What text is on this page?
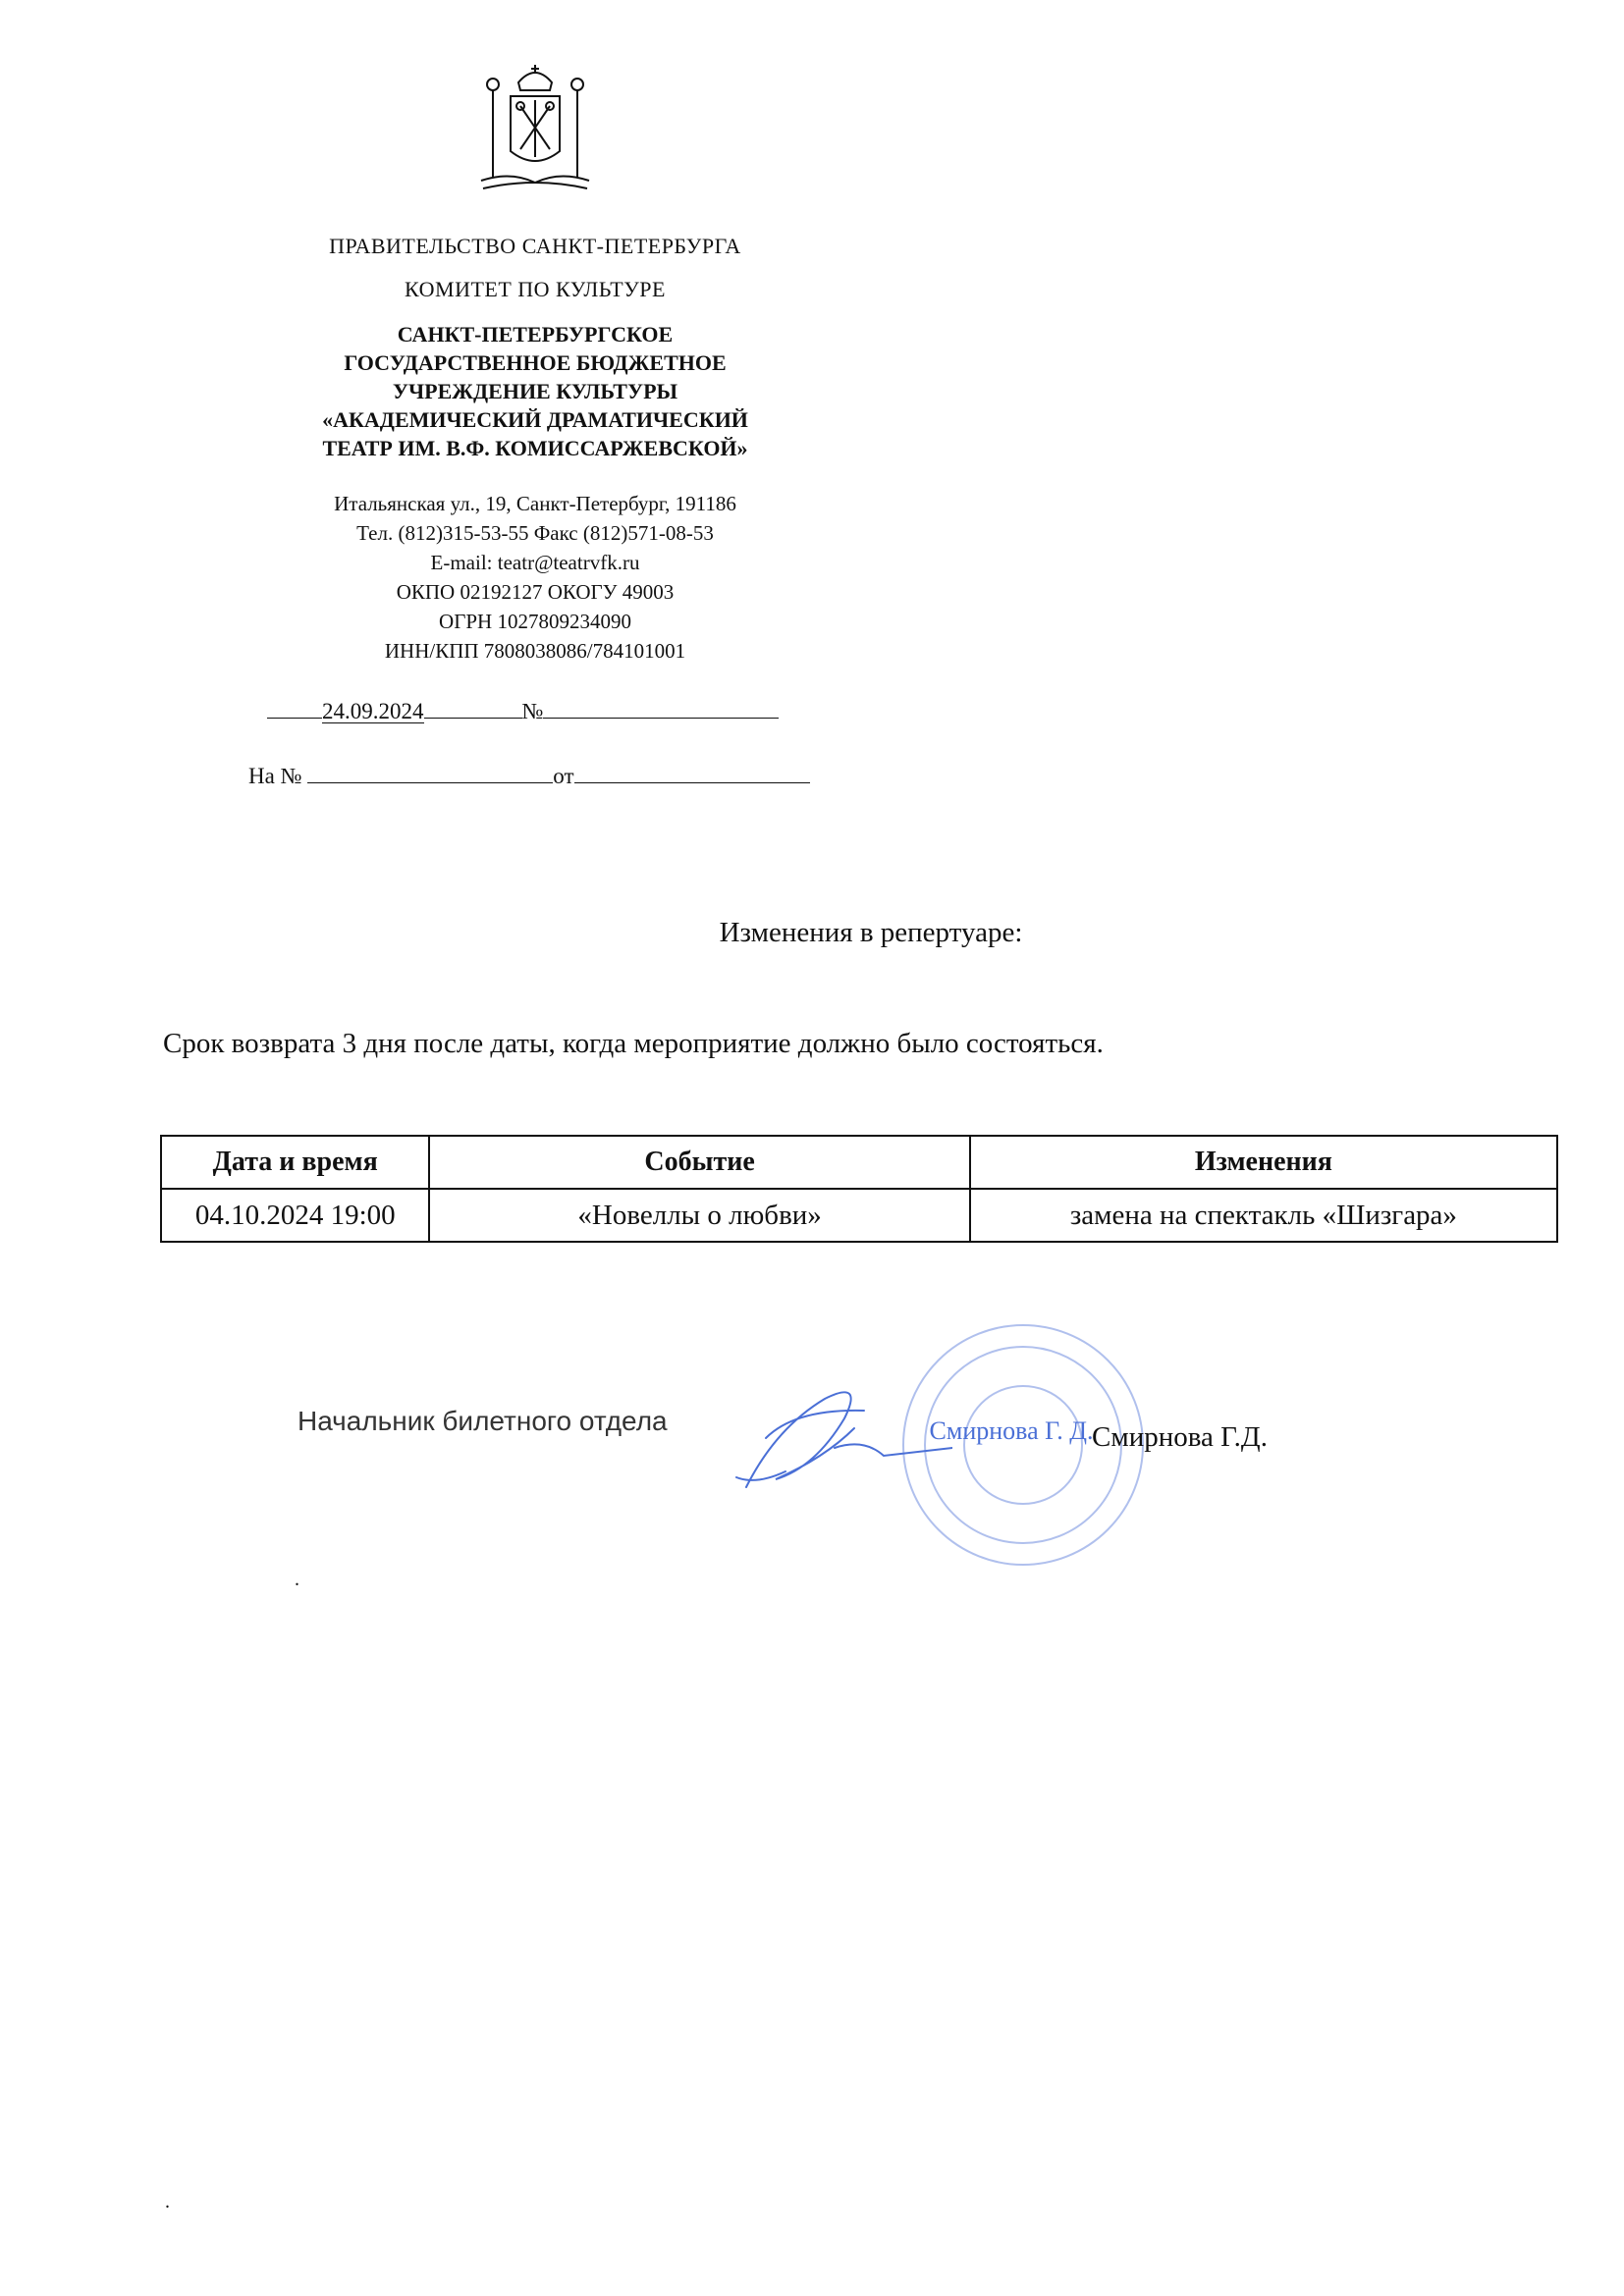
ПРАВИТЕЛЬСТВО САНКТ-ПЕТЕРБУРГА
КОМИТЕТ ПО КУЛЬТУРЕ
САНКТ-ПЕТЕРБУРГСКОЕ
ГОСУДАРСТВЕННОЕ БЮДЖЕТНОЕ
УЧРЕЖДЕНИЕ КУЛЬТУРЫ
«АКАДЕМИЧЕСКИЙ ДРАМАТИЧЕСКИЙ
ТЕАТР ИМ. В.Ф. КОМИССАРЖЕВСКОЙ»
Итальянская ул., 19, Санкт-Петербург, 191186
Тел. (812)315-53-55 Факс (812)571-08-53
E-mail: teatr@teatrvfk.ru
ОКПО 02192127 ОКОГУ 49003
ОГРН 1027809234090
ИНН/КПП 7808038086/784101001
24.09.2024	№
На №	от
Изменения в репертуаре:
Срок возврата 3 дня после даты, когда мероприятие должно было состояться.
Дата и время	Событие	Изменения
04.10.2024 19:00	«Новеллы о любви»	замена на спектакль «Шизгара»
Начальник билетного отдела	Смирнова Г. Д.
Смирнова Г.Д.
.
.
